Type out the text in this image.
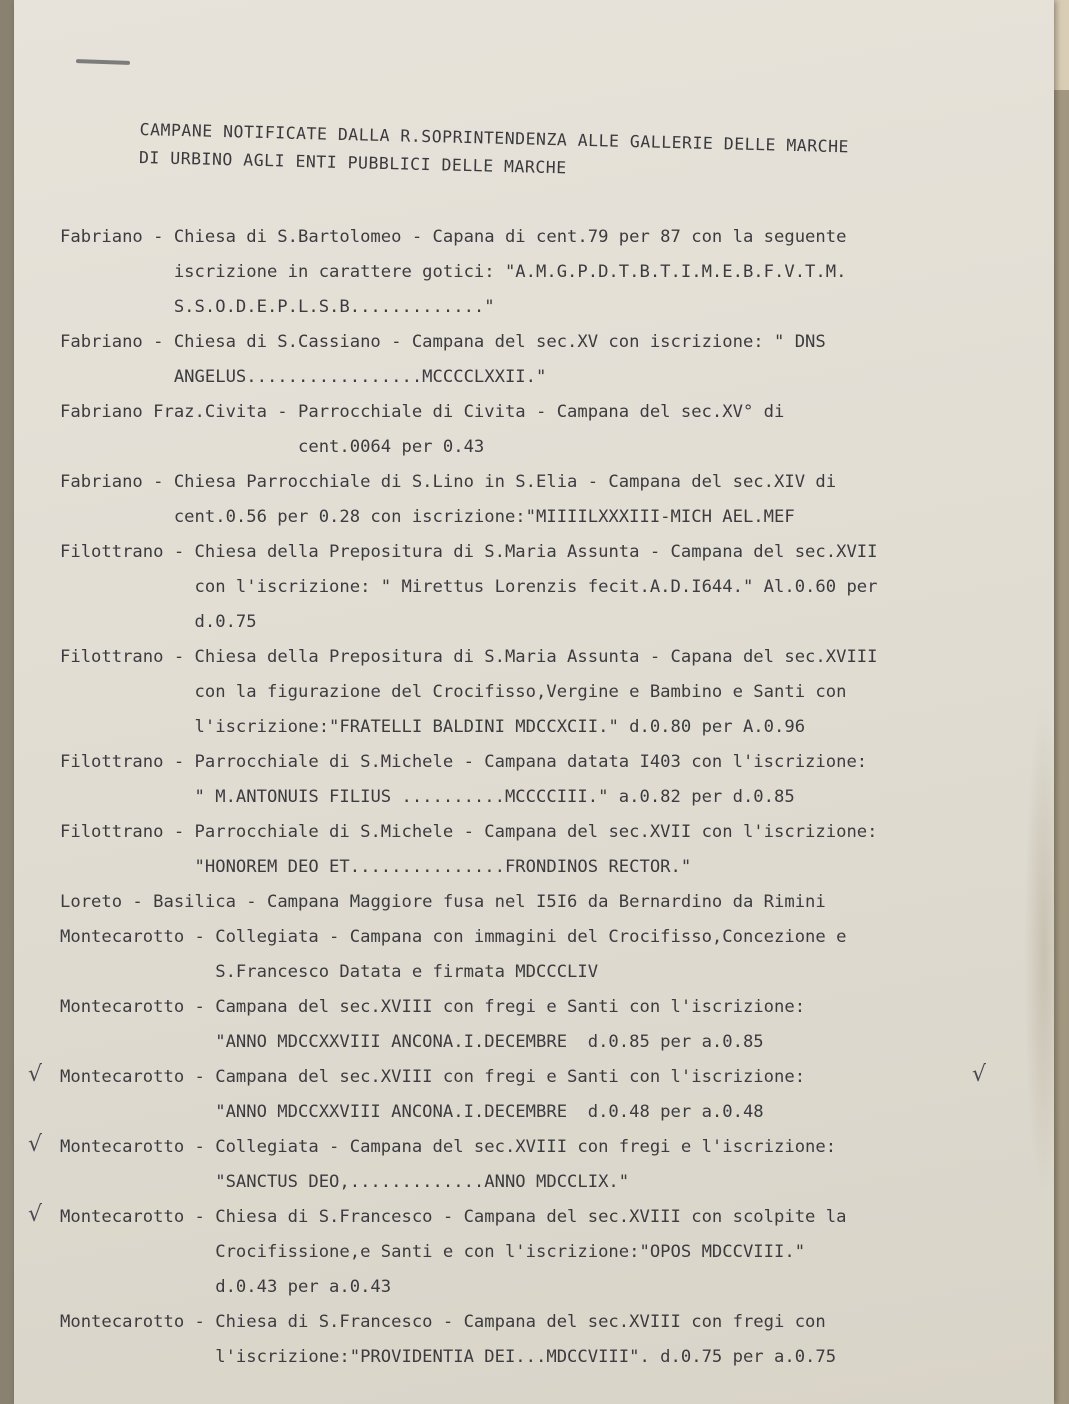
CAMPANE NOTIFICATE DALLA R.SOPRINTENDENZA ALLE GALLERIE DELLE MARCHE
DI URBINO AGLI ENTI PUBBLICI DELLE MARCHE
Fabriano - Chiesa di S.Bartolomeo - Capana di cent.79 per 87 con la seguente
iscrizione in carattere gotici: "A.M.G.P.D.T.B.T.I.M.E.B.F.V.T.M.
S.S.O.D.E.P.L.S.B............."
Fabriano - Chiesa di S.Cassiano - Campana del sec.XV con iscrizione: " DNS
ANGELUS.................MCCCCLXXII."
Fabriano Fraz.Civita - Parrocchiale di Civita - Campana del sec.XV° di
cent.0064 per 0.43
Fabriano - Chiesa Parrocchiale di S.Lino in S.Elia - Campana del sec.XIV di
cent.0.56 per 0.28 con iscrizione:"MIIIILXXXIII-MICH AEL.MEF
Filottrano - Chiesa della Prepositura di S.Maria Assunta - Campana del sec.XVII
con l'iscrizione: " Mirettus Lorenzis fecit.A.D.I644." Al.0.60 per
d.0.75
Filottrano - Chiesa della Prepositura di S.Maria Assunta - Capana del sec.XVIII
con la figurazione del Crocifisso,Vergine e Bambino e Santi con
l'iscrizione:"FRATELLI BALDINI MDCCXCII." d.0.80 per A.0.96
Filottrano - Parrocchiale di S.Michele - Campana datata I403 con l'iscrizione:
" M.ANTONUIS FILIUS ..........MCCCCIII." a.0.82 per d.0.85
Filottrano - Parrocchiale di S.Michele - Campana del sec.XVII con l'iscrizione:
"HONOREM DEO ET...............FRONDINOS RECTOR."
Loreto - Basilica - Campana Maggiore fusa nel I5I6 da Bernardino da Rimini
Montecarotto - Collegiata - Campana con immagini del Crocifisso,Concezione e
S.Francesco Datata e firmata MDCCCLIV
Montecarotto - Campana del sec.XVIII con fregi e Santi con l'iscrizione:
"ANNO MDCCXXVIII ANCONA.I.DECEMBRE  d.0.85 per a.0.85
Montecarotto - Campana del sec.XVIII con fregi e Santi con l'iscrizione:
"ANNO MDCCXXVIII ANCONA.I.DECEMBRE  d.0.48 per a.0.48
Montecarotto - Collegiata - Campana del sec.XVIII con fregi e l'iscrizione:
"SANCTUS DEO,.............ANNO MDCCLIX."
Montecarotto - Chiesa di S.Francesco - Campana del sec.XVIII con scolpite la
Crocifissione,e Santi e con l'iscrizione:"OPOS MDCCVIII."
d.0.43 per a.0.43
Montecarotto - Chiesa di S.Francesco - Campana del sec.XVIII con fregi con
l'iscrizione:"PROVIDENTIA DEI...MDCCVIII". d.0.75 per a.0.75
√
√
√
√
